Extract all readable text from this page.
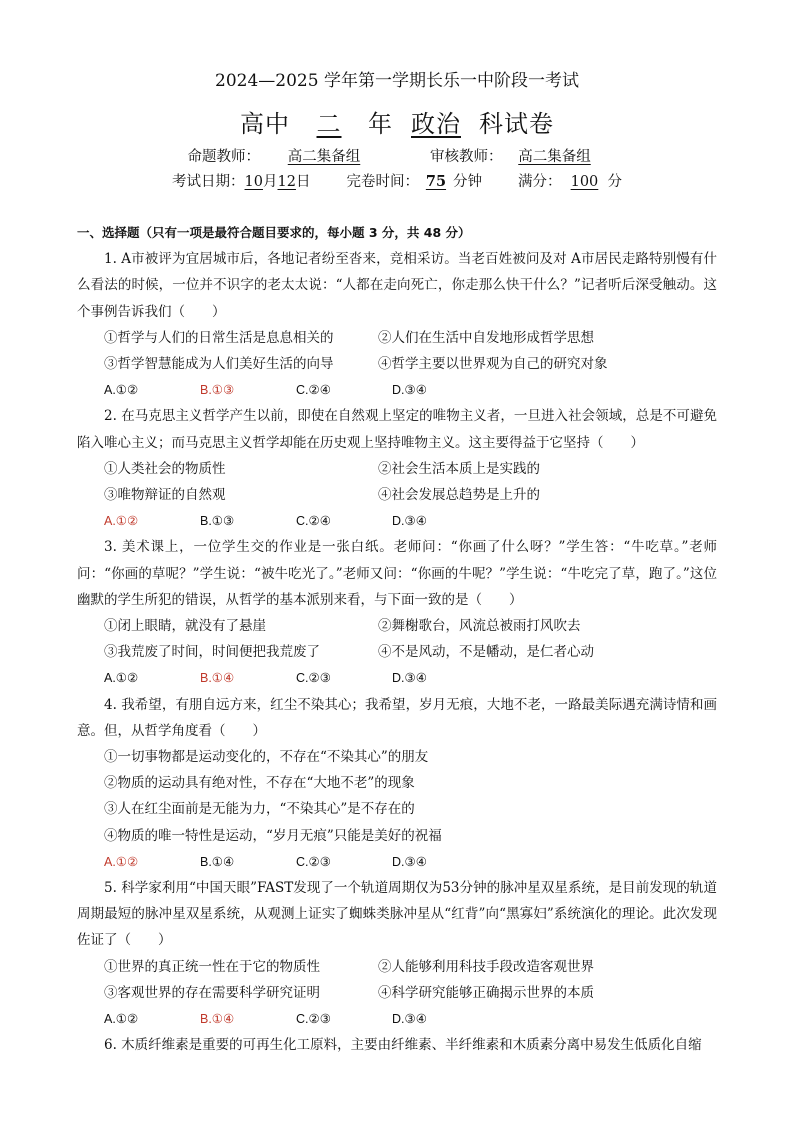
2024—2025 学年第一学期长乐一中阶段一考试
高中 二 年 政治 科试卷
命题教师： 高二集备组	审核教师： 高二集备组
考试日期：10月12日 完卷时间： 75 分钟 满分： 100 分

一、选择题（只有一项是最符合题目要求的，每小题 3 分，共 48 分）

1. A市被评为宜居城市后，各地记者纷至沓来，竞相采访。当老百姓被问及对 A市居民走路特别慢有什么看法的时候，一位并不识字的老太太说：“人都在走向死亡，你走那么快干什么？”记者听后深受触动。这个事例告诉我们（　　）

①哲学与人们的日常生活是息息相关的	②人们在生活中自发地形成哲学思想
③哲学智慧能成为人们美好生活的向导	④哲学主要以世界观为自己的研究对象
A.①②	B.①③	C.②④	D.③④

2. 在马克思主义哲学产生以前，即使在自然观上坚定的唯物主义者，一旦进入社会领域，总是不可避免陷入唯心主义；而马克思主义哲学却能在历史观上坚持唯物主义。这主要得益于它坚持（　　）

①人类社会的物质性	②社会生活本质上是实践的
③唯物辩证的自然观	④社会发展总趋势是上升的
A.①②	B.①③	C.②④	D.③④

3. 美术课上，一位学生交的作业是一张白纸。老师问：“你画了什么呀？”学生答：“牛吃草。”老师问：“你画的草呢？”学生说：“被牛吃光了。”老师又问：“你画的牛呢？”学生说：“牛吃完了草，跑了。”这位幽默的学生所犯的错误，从哲学的基本派别来看，与下面一致的是（　　）

①闭上眼睛，就没有了悬崖	②舞榭歌台，风流总被雨打风吹去
③我荒废了时间，时间便把我荒废了	④不是风动，不是幡动，是仁者心动
A.①②	B.①④	C.②③	D.③④

4. 我希望，有朋自远方来，红尘不染其心；我希望，岁月无痕，大地不老，一路最美际遇充满诗情和画意。但，从哲学角度看（　　）

①一切事物都是运动变化的，不存在“不染其心”的朋友
②物质的运动具有绝对性，不存在“大地不老”的现象
③人在红尘面前是无能为力，“不染其心”是不存在的
④物质的唯一特性是运动，“岁月无痕”只能是美好的祝福
A.①②	B.①④	C.②③	D.③④

5. 科学家利用“中国天眼”FAST发现了一个轨道周期仅为53分钟的脉冲星双星系统，是目前发现的轨道周期最短的脉冲星双星系统，从观测上证实了蜘蛛类脉冲星从“红背”向“黑寡妇”系统演化的理论。此次发现佐证了（　　）

①世界的真正统一性在于它的物质性	②人能够利用科技手段改造客观世界
③客观世界的存在需要科学研究证明	④科学研究能够正确揭示世界的本质
A.①②	B.①④	C.②③	D.③④

6. 木质纤维素是重要的可再生化工原料，主要由纤维素、半纤维素和木质素分离中易发生低质化自缩
